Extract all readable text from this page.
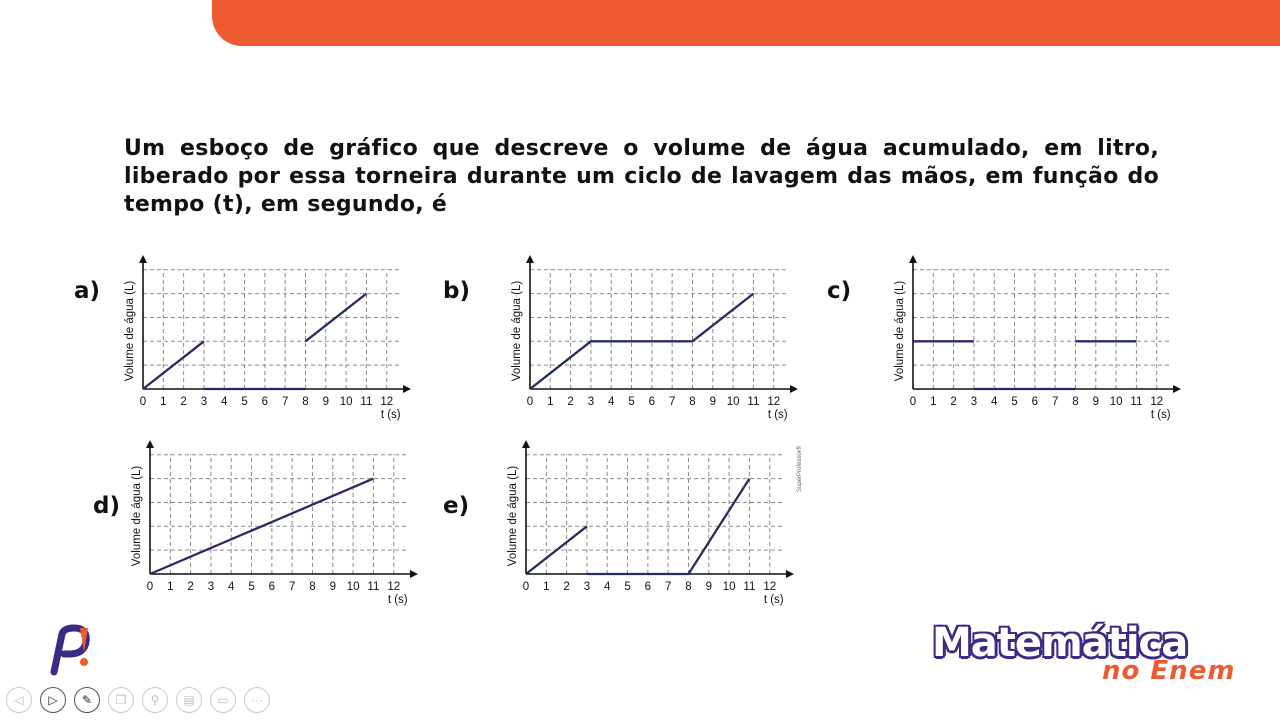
Um esboço de gráfico que descreve o volume de água acumulado, em litro, liberado por essa torneira durante um ciclo de lavagem das mãos, em função do tempo (t), em segundo, é
a)	b)	c)
d)	e)
0 1 2 3 4 5 6 7 8 9 10 11 12
t (s)
Volume de água (L)
0 1 2 3 4 5 6 7 8 9 10 11 12
t (s)
Volume de água (L)
0 1 2 3 4 5 6 7 8 9 10 11 12
t (s)
Volume de água (L)
0 1 2 3 4 5 6 7 8 9 10 11 12
t (s)
Volume de água (L)
0 1 2 3 4 5 6 7 8 9 10 11 12
t (s)
Volume de água (L)	SuperProfessor®
Matemática
no Enem
◁	▷	✎	❐	⚲	▤	▭	···
